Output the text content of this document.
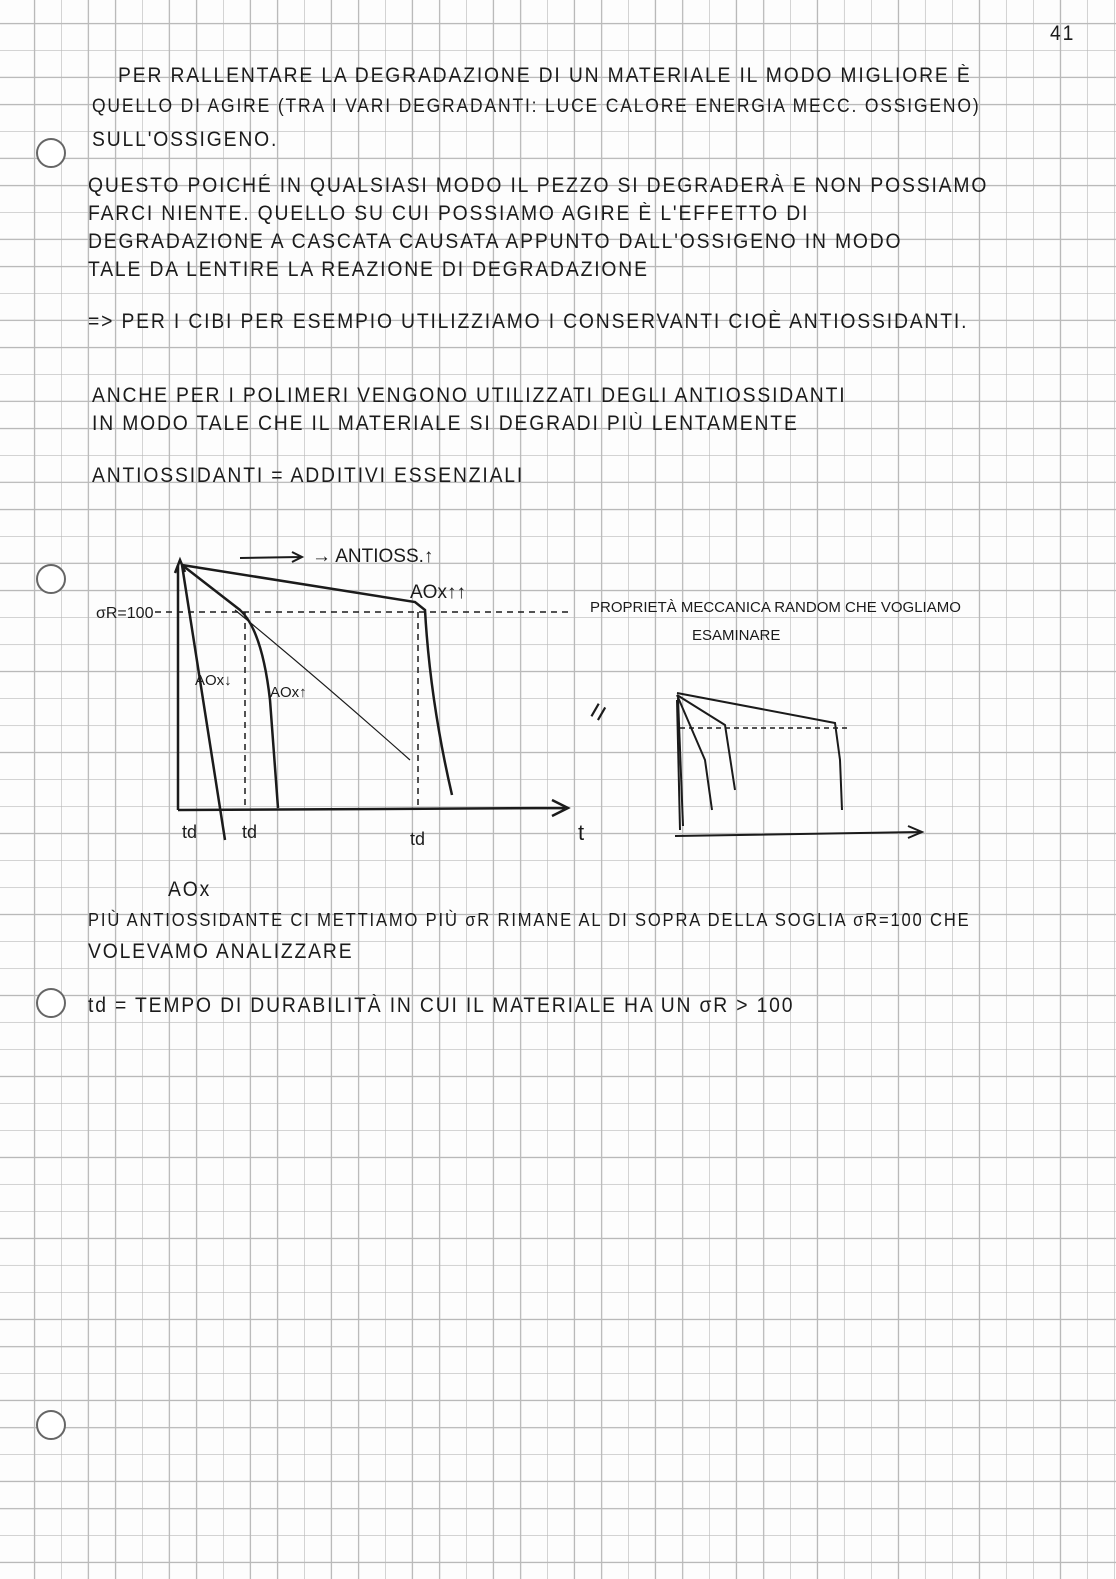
41
PER RALLENTARE LA DEGRADAZIONE DI UN MATERIALE IL MODO MIGLIORE È
QUELLO DI AGIRE (TRA I VARI DEGRADANTI: LUCE CALORE ENERGIA MECC. OSSIGENO)
SULL'OSSIGENO.
QUESTO POICHÉ IN QUALSIASI MODO IL PEZZO SI DEGRADERÀ E NON POSSIAMO
FARCI NIENTE. QUELLO SU CUI POSSIAMO AGIRE È L'EFFETTO DI
DEGRADAZIONE A CASCATA CAUSATA APPUNTO DALL'OSSIGENO IN MODO
TALE DA LENTIRE LA REAZIONE DI DEGRADAZIONE
=> PER I CIBI PER ESEMPIO UTILIZZIAMO I CONSERVANTI CIOÈ ANTIOSSIDANTI.
ANCHE PER I POLIMERI VENGONO UTILIZZATI DEGLI ANTIOSSIDANTI
IN MODO TALE CHE IL MATERIALE SI DEGRADI PIÙ LENTAMENTE
ANTIOSSIDANTI = ADDITIVI ESSENZIALI
→ ANTIOSS.↑
AOx↑↑
σR=100
AOx↓
AOx↑
td td	td	t
PROPRIETÀ MECCANICA RANDOM CHE VOGLIAMO
ESAMINARE
=
AOx
PIÙ ANTIOSSIDANTE CI METTIAMO PIÙ σR RIMANE AL DI SOPRA DELLA SOGLIA σR=100 CHE
VOLEVAMO ANALIZZARE
td = TEMPO DI DURABILITÀ IN CUI IL MATERIALE HA UN σR > 100
